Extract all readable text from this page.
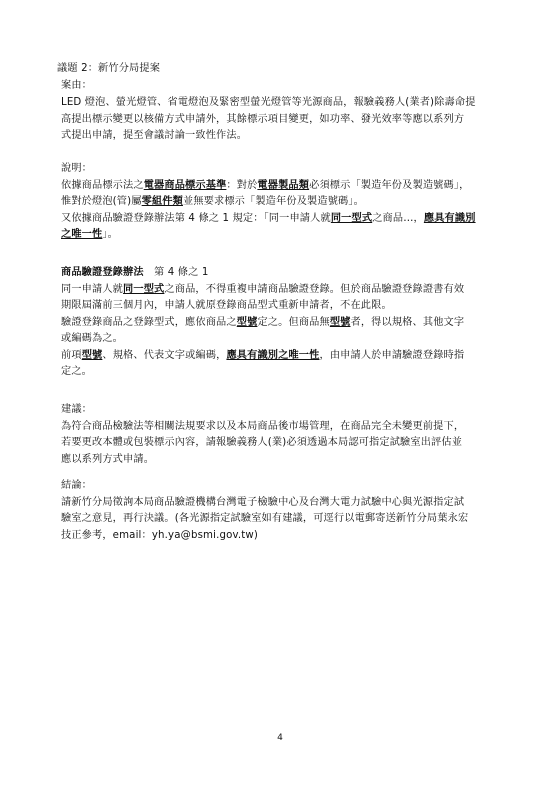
議題 2：新竹分局提案
案由：
LED 燈泡、螢光燈管、省電燈泡及緊密型螢光燈管等光源商品，報驗義務人(業者)除壽命提
高提出標示變更以核備方式申請外，其餘標示項目變更，如功率、發光效率等應以系列方
式提出申請，提至會議討論一致性作法。
說明：
依據商品標示法之電器商品標示基準：對於電器製品類必須標示「製造年份及製造號碼」，
惟對於燈泡(管)屬零組件類並無要求標示「製造年份及製造號碼」。
又依據商品驗證登錄辦法第 4 條之 1 規定：「同一申請人就同一型式之商品…，應具有識別
之唯一性」。
商品驗證登錄辦法　 第 4 條之 1
同一申請人就同一型式之商品，不得重複申請商品驗證登錄。但於商品驗證登錄證書有效
期限屆滿前三個月內，申請人就原登錄商品型式重新申請者，不在此限。
驗證登錄商品之登錄型式，應依商品之型號定之。但商品無型號者，得以規格、其他文字
或編碼為之。
前項型號、規格、代表文字或編碼，應具有識別之唯一性，由申請人於申請驗證登錄時指
定之。
建議：
為符合商品檢驗法等相關法規要求以及本局商品後市場管理，在商品完全未變更前提下，
若要更改本體或包裝標示內容，請報驗義務人(業)必須透過本局認可指定試驗室出評估並
應以系列方式申請。
結論：
請新竹分局徵詢本局商品驗證機構台灣電子檢驗中心及台灣大電力試驗中心與光源指定試
驗室之意見，再行決議。(各光源指定試驗室如有建議，可逕行以電郵寄送新竹分局葉永宏
技正參考，email：yh.ya@bsmi.gov.tw)
4
